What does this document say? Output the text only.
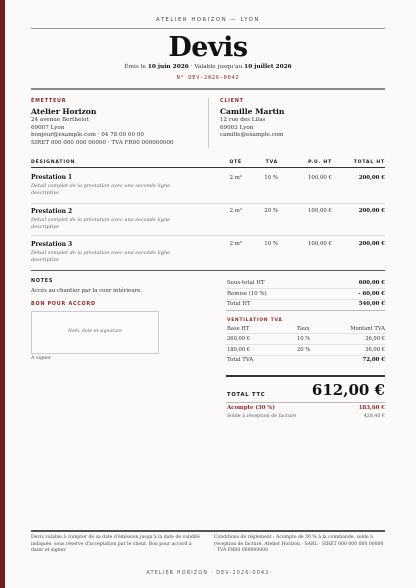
ATELIER HORIZON — LYON
Devis
Émis le 10 juin 2026 · Valable jusqu'au 10 juillet 2026
N° DEV-2026-0042
ÉMETTEUR
Atelier Horizon
24 avenue Berthelot
69007 Lyon
bonjour@example.com · 04 78 00 00 00
SIRET 000 000 000 00000 · TVA FR00 000000000
CLIENT
Camille Martin
12 rue des Lilas
69003 Lyon
camille@example.com
DÉSIGNATION	QTÉ	TVA	P.U. HT	TOTAL HT
Prestation 1
Détail complet de la prestation avec une seconde ligne descriptive
2 m²	10 %	100,00 €	200,00 €
Prestation 2
Détail complet de la prestation avec une seconde ligne descriptive
2 m²	20 %	100,00 €	200,00 €
Prestation 3
Détail complet de la prestation avec une seconde ligne descriptive
2 m²	10 %	100,00 €	200,00 €
NOTES
Accès au chantier par la cour intérieure.
BON POUR ACCORD
Nom, date et signature
À signer
Sous-total HT	600,00 €
Remise (10 %)	- 60,00 €
Total HT	540,00 €
VENTILATION TVA
Base HT	Taux	Montant TVA
360,00 €	10 %	36,00 €
180,00 €	20 %	36,00 €
Total TVA	72,00 €
TOTAL TTC	612,00 €
Acompte (30 %)	183,60 €
Solde à réception de facture	428,40 €
Devis valable à compter de sa date d'émission jusqu'à la date de validité indiquée, sous réserve d'acceptation par le client. Bon pour accord à dater et signer.
Conditions de règlement : Acompte de 30 % à la commande, solde à réception de facture. Atelier Horizon · SARL · SIRET 000 000 000 00000 · TVA FR00 000000000
ATELIER HORIZON · DEV-2026-0042
